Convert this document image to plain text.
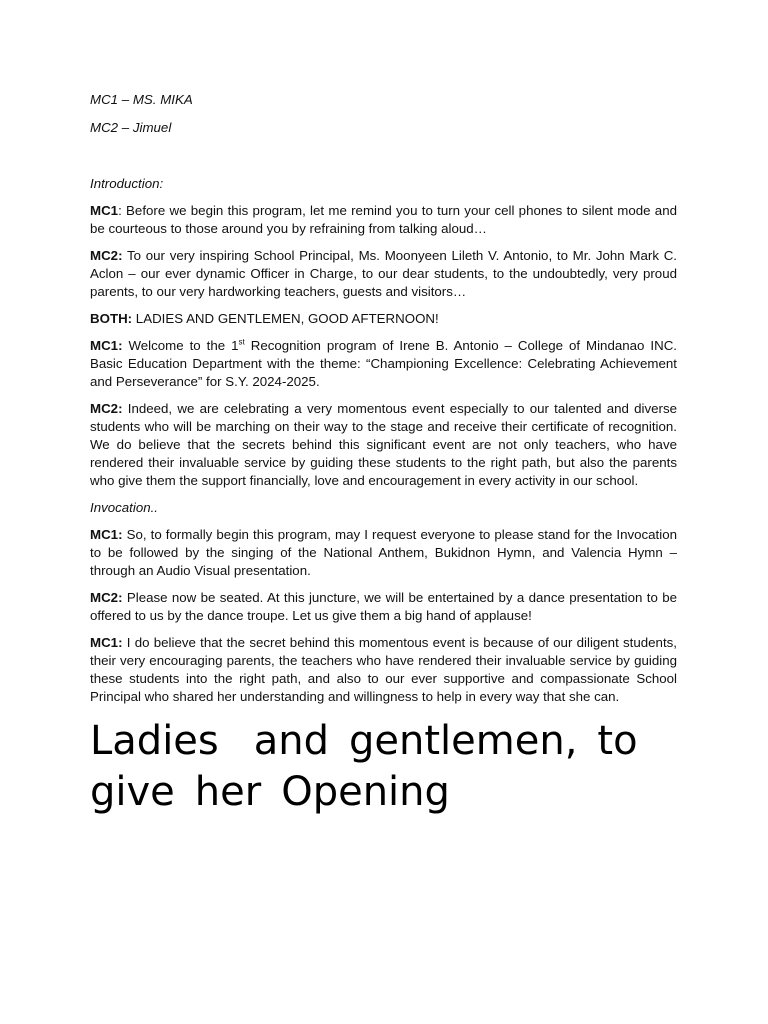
MC1 – MS. MIKA

MC2 – Jimuel

Introduction:

MC1: Before we begin this program, let me remind you to turn your cell phones to silent mode and be courteous to those around you by refraining from talking aloud…

MC2: To our very inspiring School Principal, Ms. Moonyeen Lileth V. Antonio, to Mr. John Mark C. Aclon – our ever dynamic Officer in Charge, to our dear students, to the undoubtedly, very proud parents, to our very hardworking teachers, guests and visitors…

BOTH: LADIES AND GENTLEMEN, GOOD AFTERNOON!

MC1: Welcome to the 1st Recognition program of Irene B. Antonio – College of Mindanao INC. Basic Education Department with the theme: “Championing Excellence: Celebrating Achievement and Perseverance” for S.Y. 2024-2025.

MC2: Indeed, we are celebrating a very momentous event especially to our talented and diverse students who will be marching on their way to the stage and receive their certificate of recognition. We do believe that the secrets behind this significant event are not only teachers, who have rendered their invaluable service by guiding these students to the right path, but also the parents who give them the support financially, love and encouragement in every activity in our school.

Invocation..

MC1: So, to formally begin this program, may I request everyone to please stand for the Invocation to be followed by the singing of the National Anthem, Bukidnon Hymn, and Valencia Hymn – through an Audio Visual presentation.

MC2: Please now be seated. At this juncture, we will be entertained by a dance presentation to be offered to us by the dance troupe. Let us give them a big hand of applause!

MC1: I do believe that the secret behind this momentous event is because of our diligent students, their very encouraging parents, the teachers who have rendered their invaluable service by guiding these students into the right path, and also to our ever supportive and compassionate School Principal who shared her understanding and willingness to help in every way that she can.

Ladies and gentlemen, to
give her Opening
